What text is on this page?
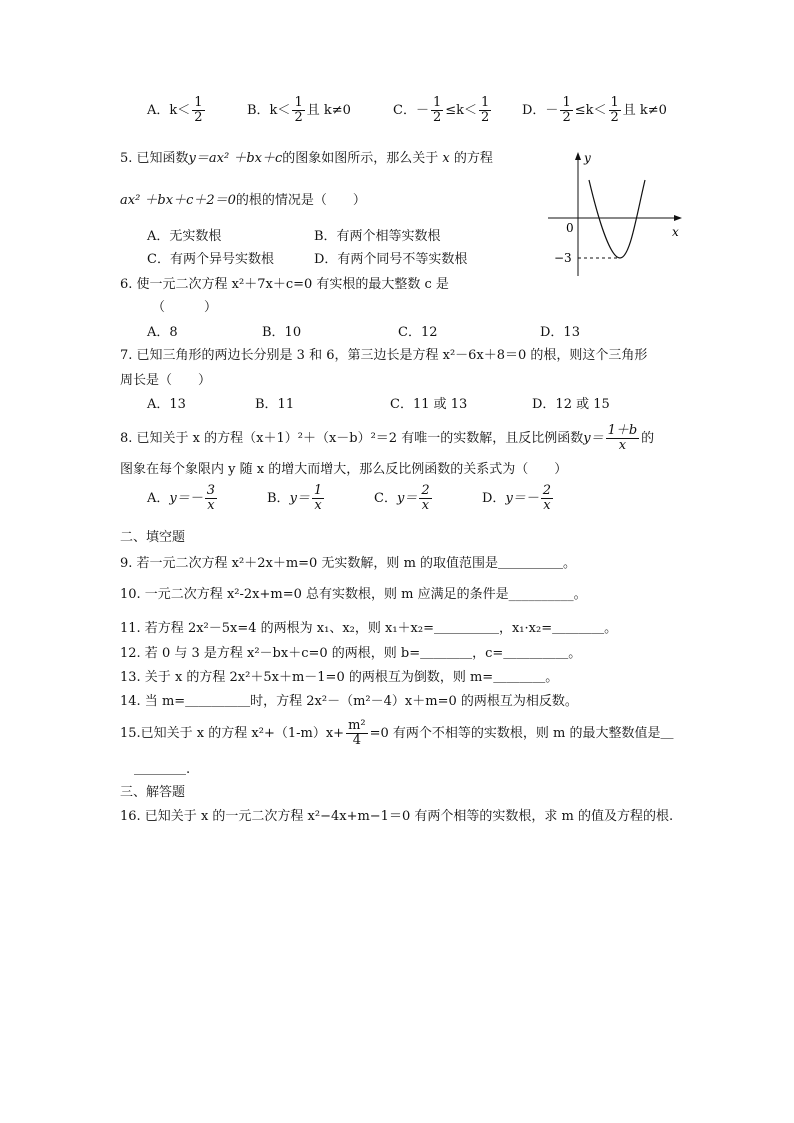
A．$k< \frac{1}{2}$	B．$k< \frac{1}{2}$ 且 k≠0	C．－ $\frac{1}{2} \le k< \frac{1}{2}$ D．－ $\frac{1}{2} \le k< \frac{1}{2}$ 且 k≠0
5. 已知函数y＝ax² ＋bx＋c的图象如图所示，那么关于 x 的方程
ax² ＋bx＋c＋2＝0的根的情况是（　　）
A．无实数根	B．有两个相等实数根
C．有两个异号实数根	D．有两个同号不等实数根
y
x
0
−3
6. 使一元二次方程 x²＋7x＋c=0 有实根的最大整数 c 是
（　　　）
A．8	B．10	C．12	D．13
7. 已知三角形的两边长分别是 3 和 6，第三边长是方程 x²－6x＋8＝0 的根，则这个三角形
周长是（　　）
A．13	B．11	C．11 或 13	D．12 或 15
8. 已知关于 x 的方程（x＋1）²＋（x－b）²＝2 有唯一的实数解，且反比例函数$y= \frac{1+b}{x}$ 的
图象在每个象限内 y 随 x 的增大而增大，那么反比例函数的关系式为（　　）
A．$y=- \frac{3}{x}$	B．$y= \frac{1}{x}$	C．$y= \frac{2}{x}$	D．$y=- \frac{2}{x}$
二、填空题
9. 若一元二次方程 x²＋2x＋m=0 无实数解，则 m 的取值范围是＿＿＿＿＿。
10. 一元二次方程 x²-2x+m=0 总有实数根，则 m 应满足的条件是__________。
11. 若方程 2x²－5x=4 的两根为 x₁、x₂，则 x₁＋x₂=＿＿＿＿＿，x₁·x₂=＿＿＿＿。
12. 若 0 与 3 是方程 x²－bx＋c=0 的两根，则 b=＿＿＿＿，c=＿＿＿＿＿。
13. 关于 x 的方程 2x²＋5x＋m－1=0 的两根互为倒数，则 m=＿＿＿＿。
14. 当 m=＿＿＿＿＿时，方程 2x²－（m²－4）x＋m=0 的两根互为相反数。
15.已知关于 x 的方程 $x^2+(1-m)x+ \frac{\text{m²}}{4} =0$ 有两个不相等的实数根，则 m 的最大整数值是＿
＿＿＿＿.
三、解答题
16. 已知关于 x 的一元二次方程 x²−4x+m−1＝0 有两个相等的实数根，求 m 的值及方程的根.
